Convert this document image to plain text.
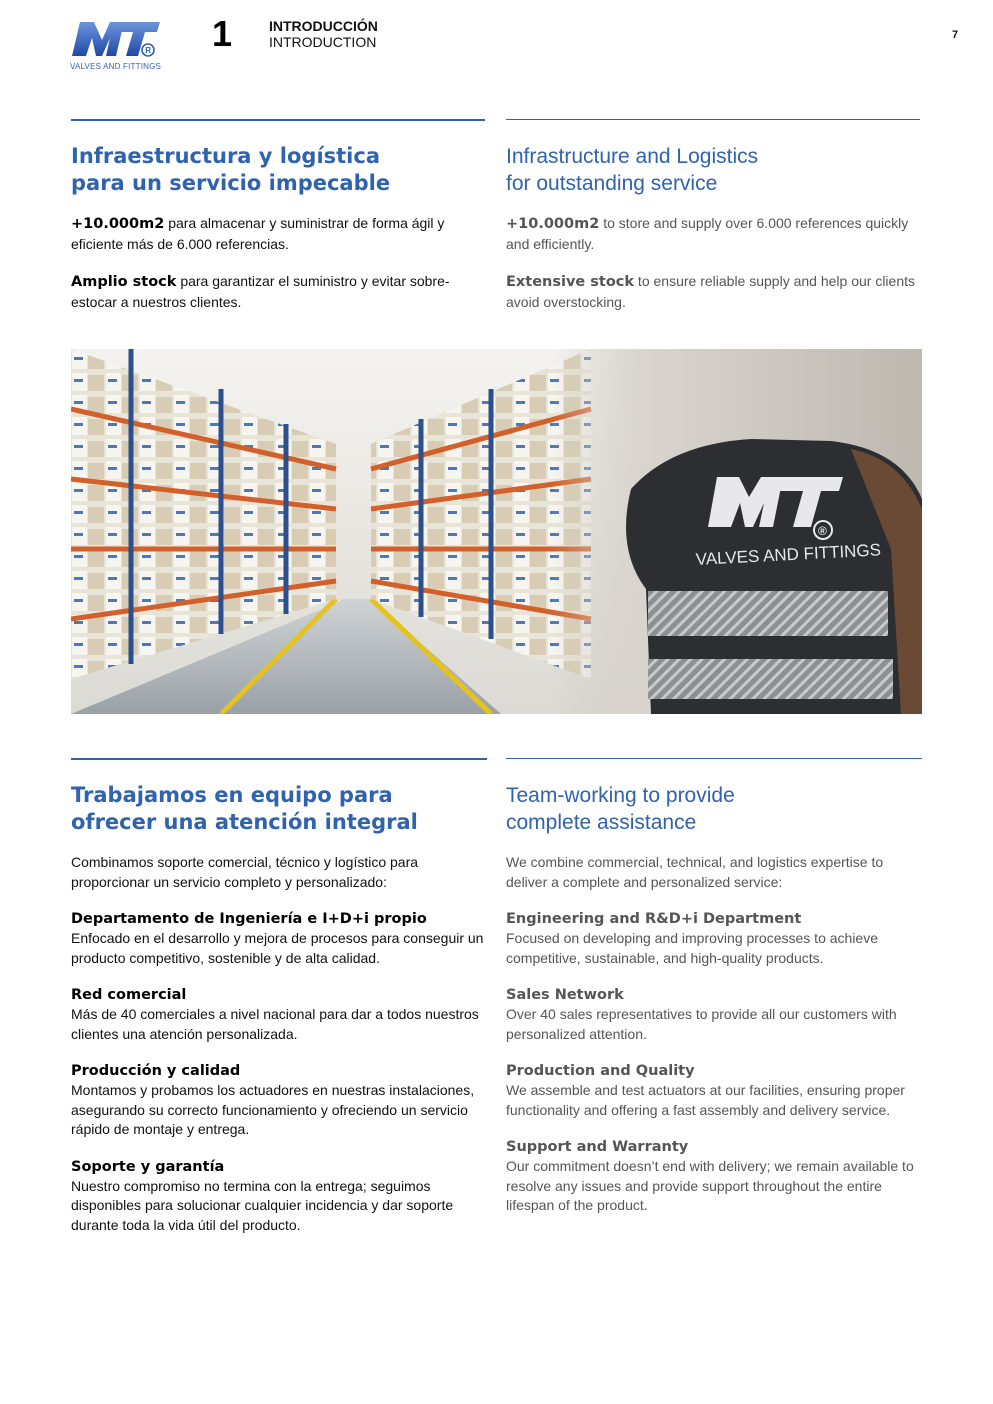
R
VALVES AND FITTINGS
1	INTRODUCCIÓN
INTRODUCTION	7
Infraestructura y logística
para un servicio impecable
+10.000m2 para almacenar y suministrar de forma ágil y eficiente más de 6.000 referencias.
Amplio stock para garantizar el suministro y evitar sobre-estocar a nuestros clientes.
Infrastructure and Logistics
for outstanding service
+10.000m2 to store and supply over 6.000 references quickly and efficiently.
Extensive stock to ensure reliable supply and help our clients avoid overstocking.
®
VALVES AND FITTINGS
Trabajamos en equipo para
ofrecer una atención integral
Combinamos soporte comercial, técnico y logístico para proporcionar un servicio completo y personalizado:
Departamento de Ingeniería e I+D+i propio
Enfocado en el desarrollo y mejora de procesos para conseguir un producto competitivo, sostenible y de alta calidad.
Red comercial
Más de 40 comerciales a nivel nacional para dar a todos nuestros clientes una atención personalizada.
Producción y calidad
Montamos y probamos los actuadores en nuestras instalaciones, asegurando su correcto funcionamiento y ofreciendo un servicio rápido de montaje y entrega.
Soporte y garantía
Nuestro compromiso no termina con la entrega; seguimos disponibles para solucionar cualquier incidencia y dar soporte durante toda la vida útil del producto.
Team-working to provide
complete assistance
We combine commercial, technical, and logistics expertise to deliver a complete and personalized service:
Engineering and R&D+i Department
Focused on developing and improving processes to achieve competitive, sustainable, and high-quality products.
Sales Network
Over 40 sales representatives to provide all our customers with personalized attention.
Production and Quality
We assemble and test actuators at our facilities, ensuring proper functionality and offering a fast assembly and delivery service.
Support and Warranty
Our commitment doesn’t end with delivery; we remain available to resolve any issues and provide support throughout the entire lifespan of the product.
